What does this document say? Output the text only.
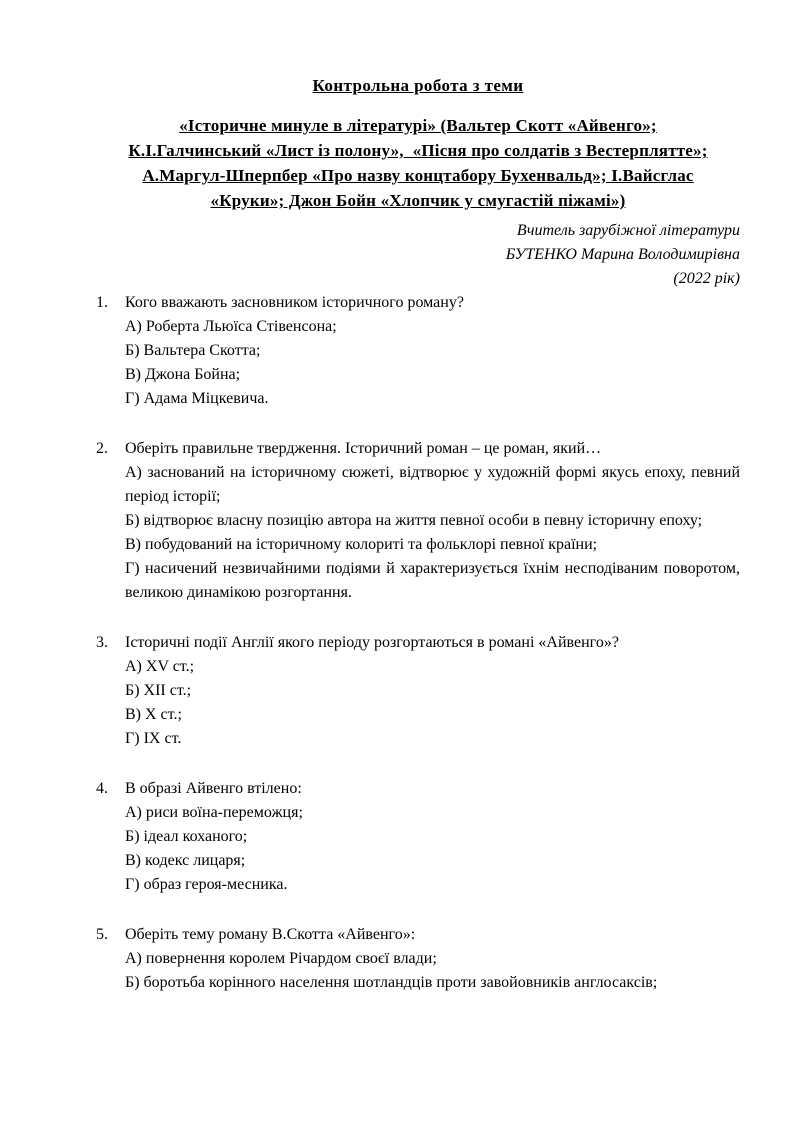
Контрольна робота з теми
«Історичне минуле в літературі» (Вальтер Скотт «Айвенго»;
К.І.Галчинський «Лист із полону»,  «Пісня про солдатів з Вестерплятте»;
А.Маргул-Шперпбер «Про назву концтабору Бухенвальд»; І.Вайсглас
«Круки»; Джон Бойн «Хлопчик у смугастій піжамі»)
Вчитель зарубіжної літератури
БУТЕНКО Марина Володимирівна
(2022 рік)
1. Кого вважають засновником історичного роману?
А) Роберта Льюїса Стівенсона;
Б) Вальтера Скотта;
В) Джона Бойна;
Г) Адама Міцкевича.
2. Оберіть правильне твердження. Історичний роман – це роман, який…
А) заснований на історичному сюжеті, відтворює у художній формі якусь епоху, певний період історії;
Б) відтворює власну позицію автора на життя певної особи в певну історичну епоху;
В) побудований на історичному колориті та фольклорі певної країни;
Г) насичений незвичайними подіями й характеризується їхнім несподіваним поворотом, великою динамікою розгортання.
3. Історичні події Англії якого періоду розгортаються в романі «Айвенго»?
А) XV ст.;
Б) XII ст.;
В) X ст.;
Г) IX ст.
4. В образі Айвенго втілено:
А) риси воїна-переможця;
Б) ідеал коханого;
В) кодекс лицаря;
Г) образ героя-месника.
5. Оберіть тему роману В.Скотта «Айвенго»:
А) повернення королем Річардом своєї влади;
Б) боротьба корінного населення шотландців проти завойовників англосаксів;
